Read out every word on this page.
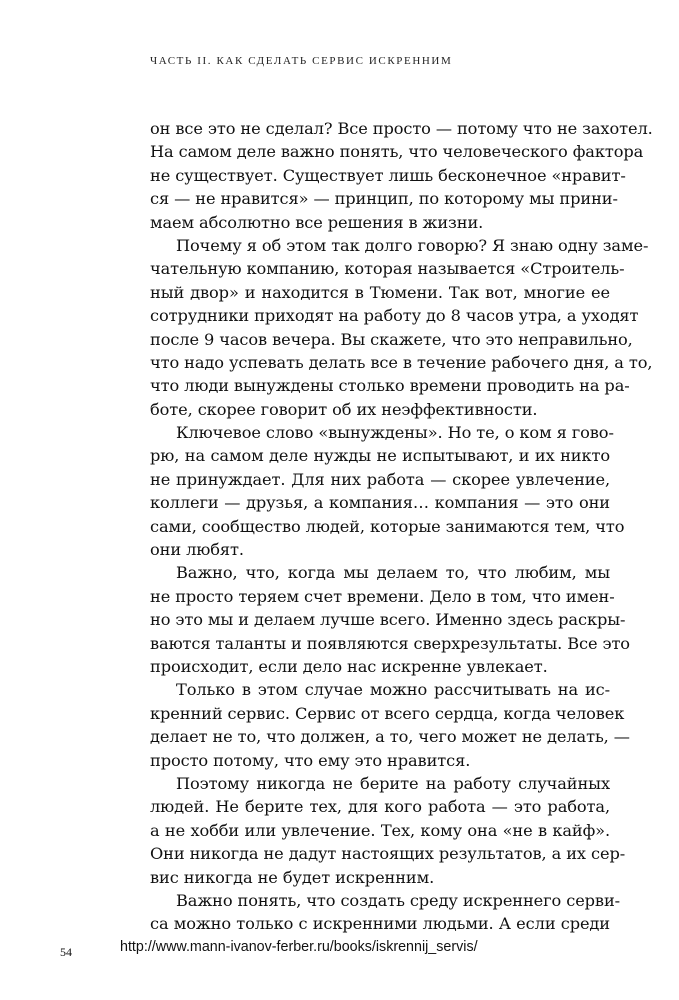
ЧАСТЬ II. КАК СДЕЛАТЬ СЕРВИС ИСКРЕННИМ
он все это не сделал? Все просто — потому что не захотел.
На самом деле важно понять, что человеческого фактора
не существует. Существует лишь бесконечное «нравит-
ся — не нравится» — принцип, по которому мы прини-
маем абсолютно все решения в жизни.
Почему я об этом так долго говорю? Я знаю одну заме-
чательную компанию, которая называется «Строитель-
ный двор» и находится в Тюмени. Так вот, многие ее
сотрудники приходят на работу до 8 часов утра, а уходят
после 9 часов вечера. Вы скажете, что это неправильно,
что надо успевать делать все в течение рабочего дня, а то,
что люди вынуждены столько времени проводить на ра-
боте, скорее говорит об их неэффективности.
Ключевое слово «вынуждены». Но те, о ком я гово-
рю, на самом деле нужды не испытывают, и их никто
не принуждает. Для них работа — скорее увлечение,
коллеги — друзья, а компания… компания — это они
сами, сообщество людей, которые занимаются тем, что
они любят.
Важно, что, когда мы делаем то, что любим, мы
не просто теряем счет времени. Дело в том, что имен-
но это мы и делаем лучше всего. Именно здесь раскры-
ваются таланты и появляются сверхрезультаты. Все это
происходит, если дело нас искренне увлекает.
Только в этом случае можно рассчитывать на ис-
кренний сервис. Сервис от всего сердца, когда человек
делает не то, что должен, а то, чего может не делать, —
просто потому, что ему это нравится.
Поэтому никогда не берите на работу случайных
людей. Не берите тех, для кого работа — это работа,
а не хобби или увлечение. Тех, кому она «не в кайф».
Они никогда не дадут настоящих результатов, а их сер-
вис никогда не будет искренним.
Важно понять, что создать среду искреннего серви-
са можно только с искренними людьми. А если среди
54	http://www.mann-ivanov-ferber.ru/books/iskrennij_servis/
